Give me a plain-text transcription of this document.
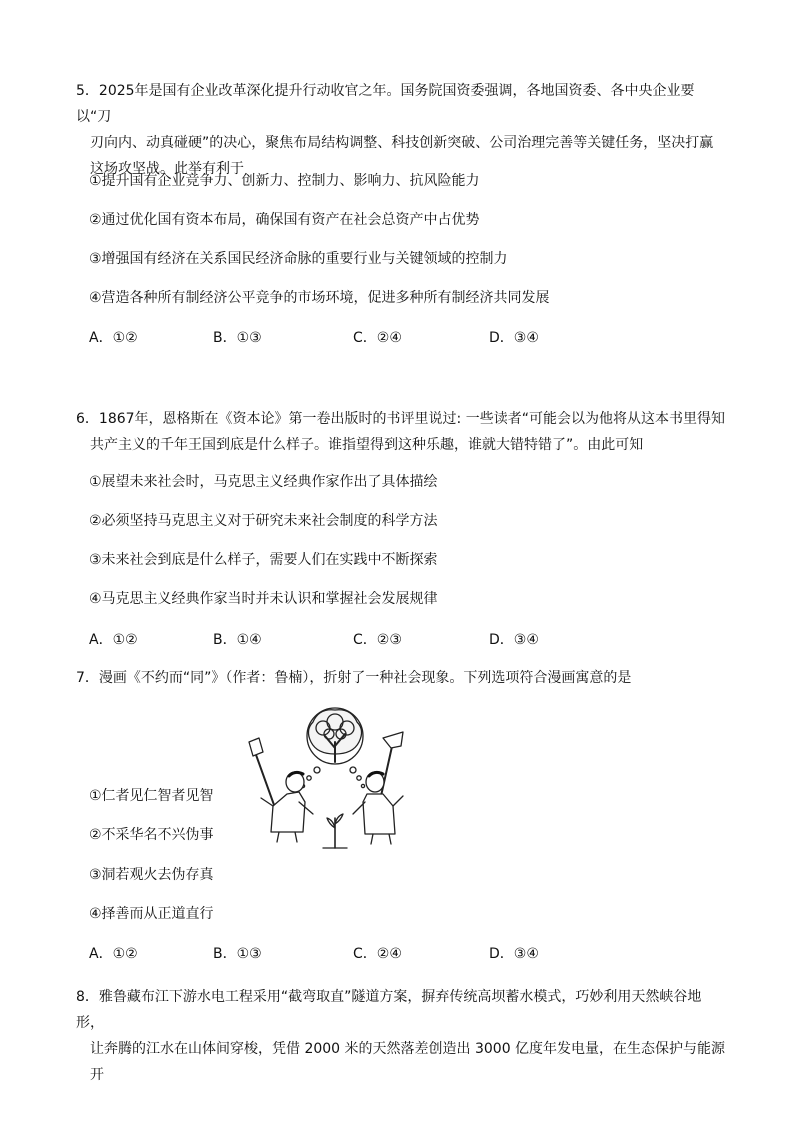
5．2025年是国有企业改革深化提升行动收官之年。国务院国资委强调，各地国资委、各中央企业要以“刀
刃向内、动真碰硬”的决心，聚焦布局结构调整、科技创新突破、公司治理完善等关键任务，坚决打赢
这场攻坚战。此举有利于
①提升国有企业竞争力、创新力、控制力、影响力、抗风险能力
②通过优化国有资本布局，确保国有资产在社会总资产中占优势
③增强国有经济在关系国民经济命脉的重要行业与关键领域的控制力
④营造各种所有制经济公平竞争的市场环境，促进多种所有制经济共同发展
A．①②	B．①③	C．②④	D．③④
6．1867年，恩格斯在《资本论》第一卷出版时的书评里说过: 一些读者“可能会以为他将从这本书里得知
共产主义的千年王国到底是什么样子。谁指望得到这种乐趣，谁就大错特错了”。由此可知
①展望未来社会时，马克思主义经典作家作出了具体描绘
②必须坚持马克思主义对于研究未来社会制度的科学方法
③未来社会到底是什么样子，需要人们在实践中不断探索
④马克思主义经典作家当时并未认识和掌握社会发展规律
A．①②	B．①④	C．②③	D．③④
7．漫画《不约而“同”》（作者：鲁楠），折射了一种社会现象。下列选项符合漫画寓意的是
①仁者见仁智者见智
②不采华名不兴伪事
③洞若观火去伪存真
④择善而从正道直行
A．①②	B．①③	C．②④	D．③④
8．雅鲁藏布江下游水电工程采用“截弯取直”隧道方案，摒弃传统高坝蓄水模式，巧妙利用天然峡谷地形，
让奔腾的江水在山体间穿梭，凭借 2000 米的天然落差创造出 3000 亿度年发电量，在生态保护与能源开
